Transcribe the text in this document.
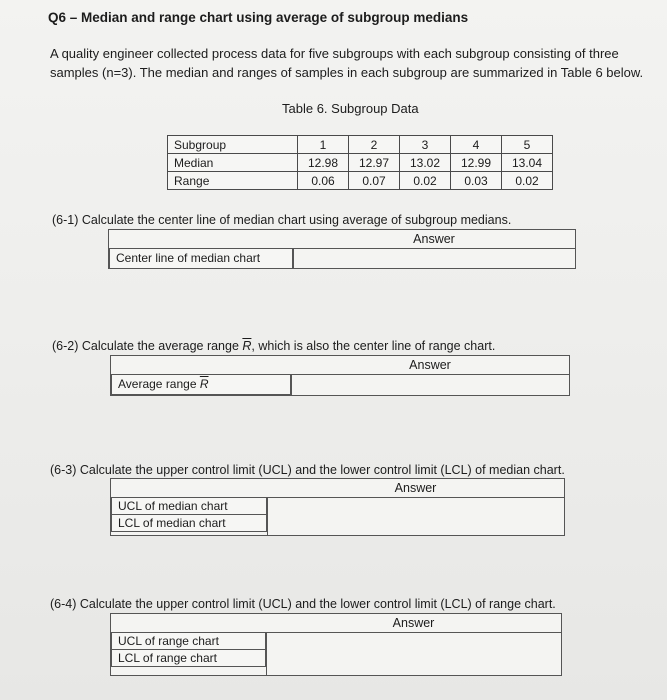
Q6 – Median and range chart using average of subgroup medians
A quality engineer collected process data for five subgroups with each subgroup consisting of three samples (n=3). The median and ranges of samples in each subgroup are summarized in Table 6 below.
Table 6. Subgroup Data
Subgroup	1	2	3	4	5
Median	12.98	12.97	13.02	12.99	13.04
Range	0.06	0.07	0.02	0.03	0.02
(6-1) Calculate the center line of median chart using average of subgroup medians.
Answer
Center line of median chart
(6-2) Calculate the average range $\overline{R}$, which is also the center line of range chart.
Answer
Average range $\overline{R}$
(6-3) Calculate the upper control limit (UCL) and the lower control limit (LCL) of median chart.
Answer
UCL of median chart
LCL of median chart
(6-4) Calculate the upper control limit (UCL) and the lower control limit (LCL) of range chart.
Answer
UCL of range chart
LCL of range chart
